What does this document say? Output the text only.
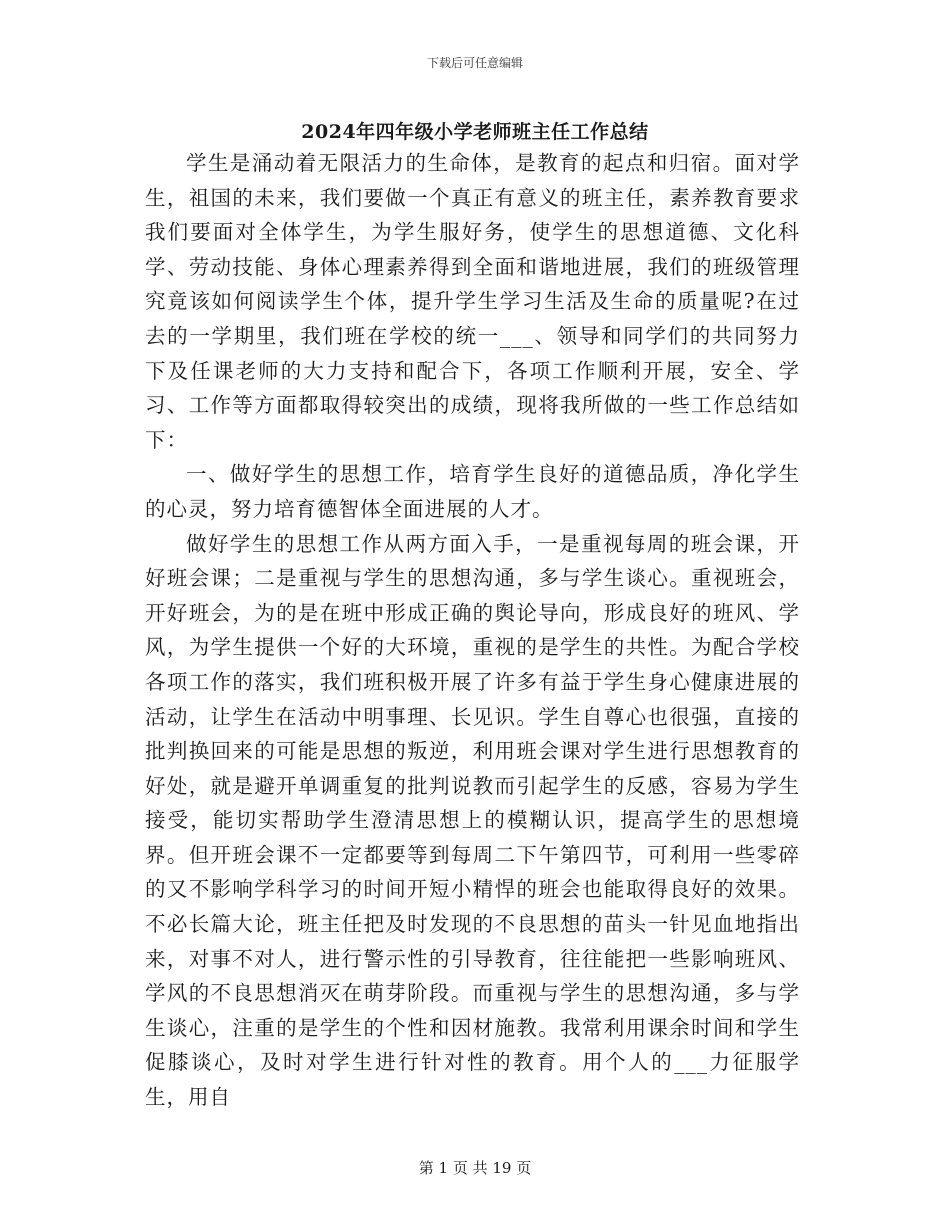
下载后可任意编辑
2024年四年级小学老师班主任工作总结

学生是涌动着无限活力的生命体，是教育的起点和归宿。面对学生，祖国的未来，我们要做一个真正有意义的班主任，素养教育要求我们要面对全体学生，为学生服好务，使学生的思想道德、文化科学、劳动技能、身体心理素养得到全面和谐地进展，我们的班级管理究竟该如何阅读学生个体，提升学生学习生活及生命的质量呢?在过去的一学期里，我们班在学校的统一___、领导和同学们的共同努力下及任课老师的大力支持和配合下，各项工作顺利开展，安全、学习、工作等方面都取得较突出的成绩，现将我所做的一些工作总结如下：

一、做好学生的思想工作，培育学生良好的道德品质，净化学生的心灵，努力培育德智体全面进展的人才。

做好学生的思想工作从两方面入手，一是重视每周的班会课，开好班会课；二是重视与学生的思想沟通，多与学生谈心。重视班会，开好班会，为的是在班中形成正确的舆论导向，形成良好的班风、学风，为学生提供一个好的大环境，重视的是学生的共性。为配合学校各项工作的落实，我们班积极开展了许多有益于学生身心健康进展的活动，让学生在活动中明事理、长见识。学生自尊心也很强，直接的批判换回来的可能是思想的叛逆，利用班会课对学生进行思想教育的好处，就是避开单调重复的批判说教而引起学生的反感，容易为学生接受，能切实帮助学生澄清思想上的模糊认识，提高学生的思想境界。但开班会课不一定都要等到每周二下午第四节，可利用一些零碎的又不影响学科学习的时间开短小精悍的班会也能取得良好的效果。不必长篇大论，班主任把及时发现的不良思想的苗头一针见血地指出来，对事不对人，进行警示性的引导教育，往往能把一些影响班风、学风的不良思想消灭在萌芽阶段。而重视与学生的思想沟通，多与学生谈心，注重的是学生的个性和因材施教。我常利用课余时间和学生促膝谈心，及时对学生进行针对性的教育。用个人的___力征服学生，用自

第 1 页 共 19 页
